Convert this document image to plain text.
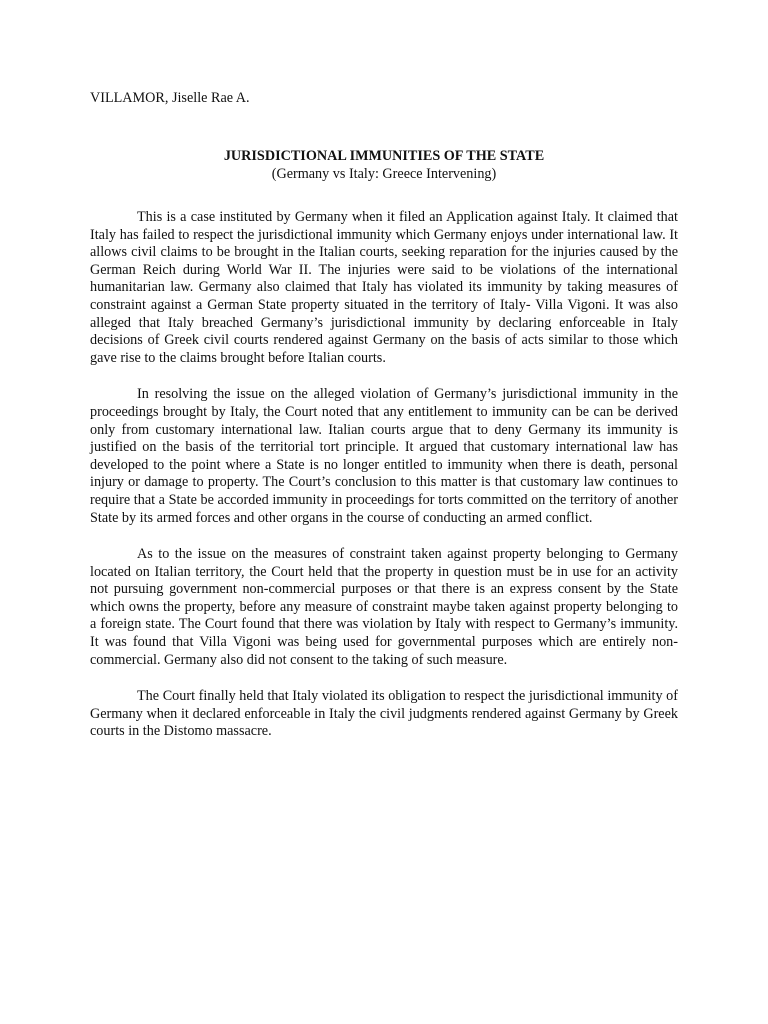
VILLAMOR, Jiselle Rae A.

JURISDICTIONAL IMMUNITIES OF THE STATE
(Germany vs Italy: Greece Intervening)

This is a case instituted by Germany when it filed an Application against Italy. It claimed that Italy has failed to respect the jurisdictional immunity which Germany enjoys under international law. It allows civil claims to be brought in the Italian courts, seeking reparation for the injuries caused by the German Reich during World War II. The injuries were said to be violations of the international humanitarian law. Germany also claimed that Italy has violated its immunity by taking measures of constraint against a German State property situated in the territory of Italy- Villa Vigoni. It was also alleged that Italy breached Germany’s jurisdictional immunity by declaring enforceable in Italy decisions of Greek civil courts rendered against Germany on the basis of acts similar to those which gave rise to the claims brought before Italian courts.

In resolving the issue on the alleged violation of Germany’s jurisdictional immunity in the proceedings brought by Italy, the Court noted that any entitlement to immunity can be can be derived only from customary international law. Italian courts argue that to deny Germany its immunity is justified on the basis of the territorial tort principle. It argued that customary international law has developed to the point where a State is no longer entitled to immunity when there is death, personal injury or damage to property. The Court’s conclusion to this matter is that customary law continues to require that a State be accorded immunity in proceedings for torts committed on the territory of another State by its armed forces and other organs in the course of conducting an armed conflict.

As to the issue on the measures of constraint taken against property belonging to Germany located on Italian territory, the Court held that the property in question must be in use for an activity not pursuing government non-commercial purposes or that there is an express consent by the State which owns the property, before any measure of constraint maybe taken against property belonging to a foreign state. The Court found that there was violation by Italy with respect to Germany’s immunity. It was found that Villa Vigoni was being used for governmental purposes which are entirely non-commercial. Germany also did not consent to the taking of such measure.

The Court finally held that Italy violated its obligation to respect the jurisdictional immunity of Germany when it declared enforceable in Italy the civil judgments rendered against Germany by Greek courts in the Distomo massacre.
